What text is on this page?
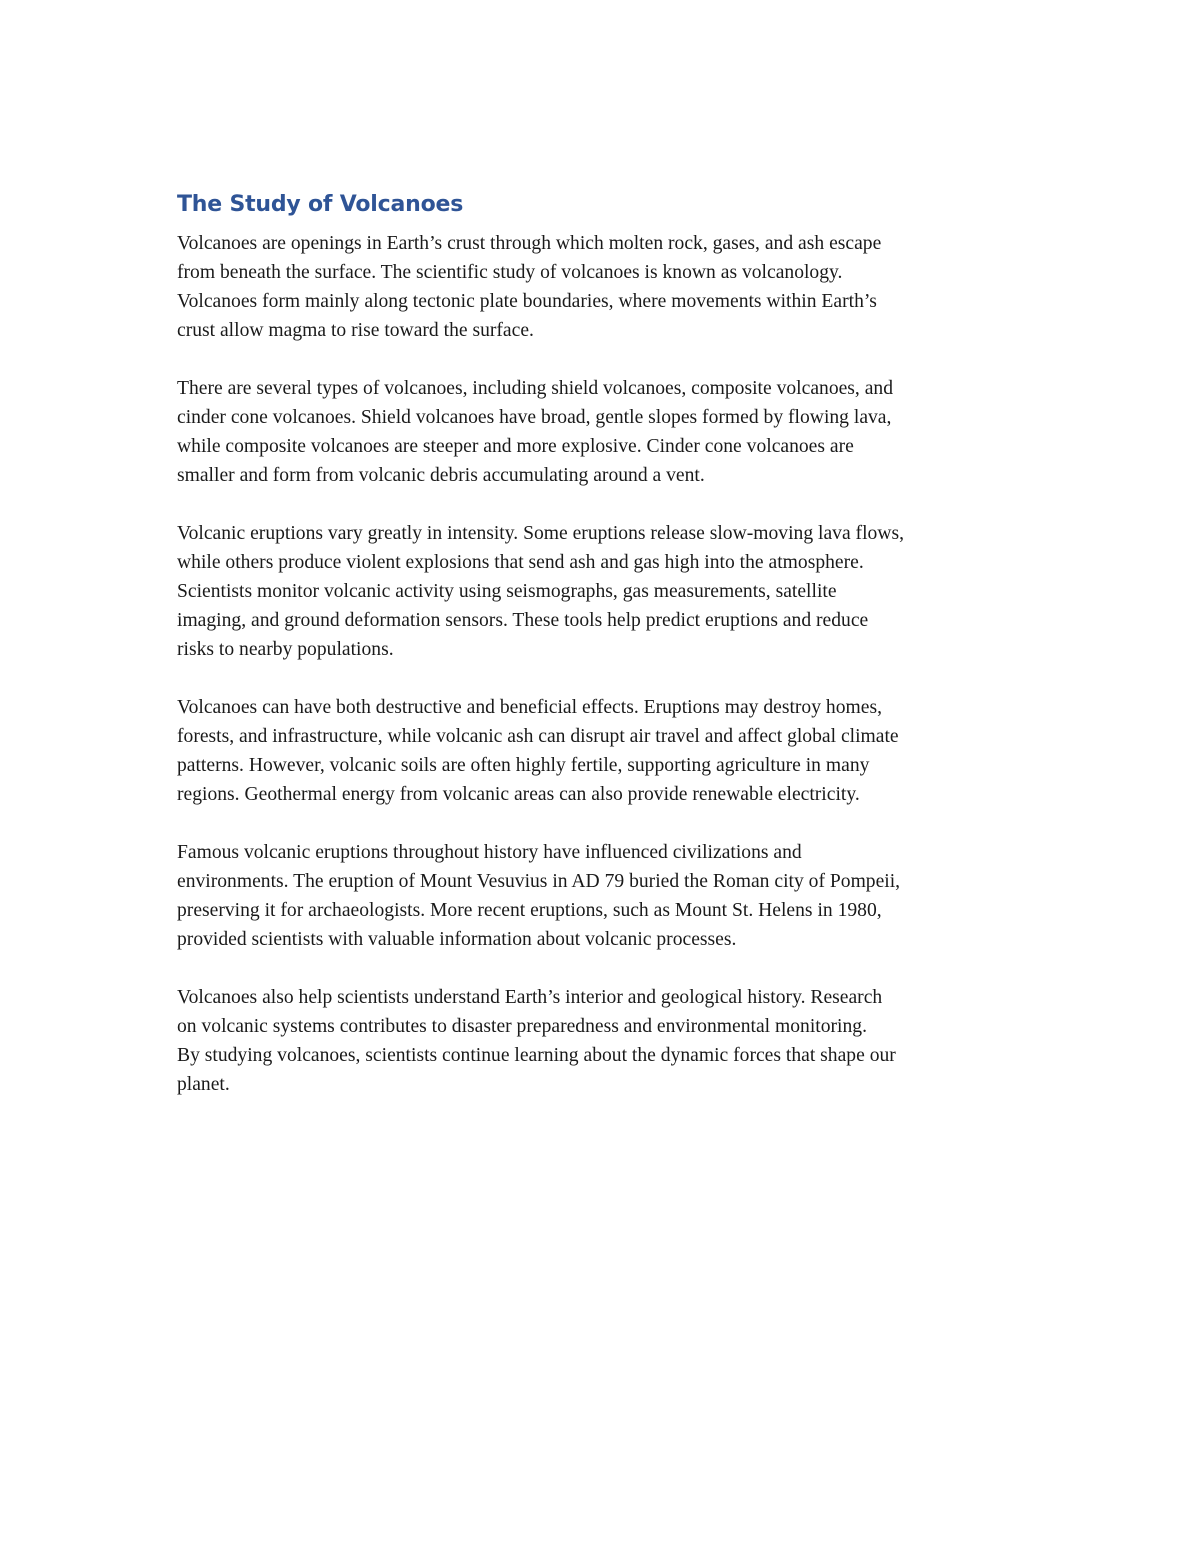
The Study of Volcanoes

Volcanoes are openings in Earth’s crust through which molten rock, gases, and ash escape
from beneath the surface. The scientific study of volcanoes is known as volcanology.
Volcanoes form mainly along tectonic plate boundaries, where movements within Earth’s
crust allow magma to rise toward the surface.

There are several types of volcanoes, including shield volcanoes, composite volcanoes, and
cinder cone volcanoes. Shield volcanoes have broad, gentle slopes formed by flowing lava,
while composite volcanoes are steeper and more explosive. Cinder cone volcanoes are
smaller and form from volcanic debris accumulating around a vent.

Volcanic eruptions vary greatly in intensity. Some eruptions release slow-moving lava flows,
while others produce violent explosions that send ash and gas high into the atmosphere.
Scientists monitor volcanic activity using seismographs, gas measurements, satellite
imaging, and ground deformation sensors. These tools help predict eruptions and reduce
risks to nearby populations.

Volcanoes can have both destructive and beneficial effects. Eruptions may destroy homes,
forests, and infrastructure, while volcanic ash can disrupt air travel and affect global climate
patterns. However, volcanic soils are often highly fertile, supporting agriculture in many
regions. Geothermal energy from volcanic areas can also provide renewable electricity.

Famous volcanic eruptions throughout history have influenced civilizations and
environments. The eruption of Mount Vesuvius in AD 79 buried the Roman city of Pompeii,
preserving it for archaeologists. More recent eruptions, such as Mount St. Helens in 1980,
provided scientists with valuable information about volcanic processes.

Volcanoes also help scientists understand Earth’s interior and geological history. Research
on volcanic systems contributes to disaster preparedness and environmental monitoring.
By studying volcanoes, scientists continue learning about the dynamic forces that shape our
planet.
